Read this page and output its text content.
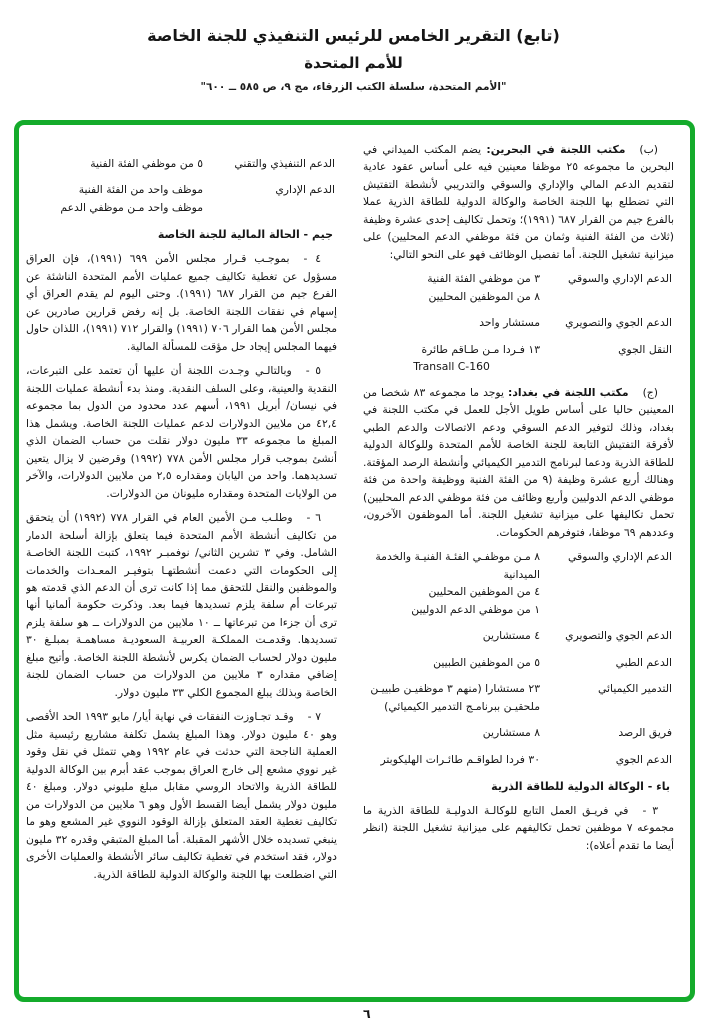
(تابع) التقرير الخامس للرئيس التنفيذي للجنة الخاصة
للأمم المتحدة
"الأمم المتحدة، سلسلة الكتب الزرقاء، مج ٩، ص ٥٨٥ ــ ٦٠٠"

(ب)مكتب اللجنة في البحرين: يضم المكتب الميداني في البحرين ما مجموعه ٢٥ موظفا معينين فيه على أساس عقود عادية لتقديم الدعم المالي والإداري والسوقي والتدريبي لأنشطة التفتيش التي تضطلع بها اللجنة الخاصة والوكالة الدولية للطاقة الذرية عملا بالفرع جيم من القرار ٦٨٧ (١٩٩١)؛ وتحمل تكاليف إحدى عشرة وظيفة (ثلاث من الفئة الفنية وثمان من فئة موظفي الدعم المحليين) على ميزانية تشغيل اللجنة. أما تفصيل الوظائف فهو على النحو التالي:

الدعم الإداري والسوقي
٣ من موظفي الفئة الفنية
٨ من الموظفين المحليين
الدعم الجوي والتصويري
مستشار واحد
النقل الجوي
١٣ فـردا مـن طـاقم طائرة
Transall C-160

(ج)مكتب اللجنة في بغداد: يوجد ما مجموعه ٨٣ شخصا من المعينين حاليا على أساس طويل الأجل للعمل في مكتب اللجنة في بغداد، وذلك لتوفير الدعم السوقي ودعم الاتصالات والدعم الطبي لأفرقة التفتيش التابعة للجنة الخاصة للأمم المتحدة وللوكالة الدولية للطاقة الذرية ودعما لبرنامج التدمير الكيميائي وأنشطة الرصد المؤقتة. وهنالك أربع عشرة وظيفة (٩ من الفئة الفنية ووظيفة واحدة من فئة موظفي الدعم الدوليين وأربع وظائف من فئة موظفي الدعم المحليين) تحمل تكاليفها على ميزانية تشغيل اللجنة. أما الموظفون الآخرون، وعددهم ٦٩ موظفا، فتوفرهم الحكومات.

الدعم الإداري والسوقي
٨ مـن موظفـي الفئـة الفنيـة والخدمة الميدانية
٤ من الموظفين المحليين
١ من موظفي الدعم الدوليين
الدعم الجوي والتصويري
٤ مستشارين
الدعم الطبي
٥ من الموظفين الطبيين
التدمير الكيميائي
٢٣ مستشارا (منهم ٣ موظفيـن طبييـن ملحقيـن ببرنامـج التدمير الكيميائي)
فريق الرصد
٨ مستشارين
الدعم الجوي
٣٠ فردا لطواقـم طائـرات الهليكوبتر
باء - الوكالة الدولية للطاقة الذرية

٣ -في فريـق العمل التابع للوكالـة الدوليـة للطاقة الذرية ما مجموعه ٧ موظفين تحمل تكاليفهم على ميزانية تشغيل اللجنة (انظر أيضا ما تقدم أعلاه):

الدعم التنفيذي والتقني
٥ من موظفي الفئة الفنية
الدعم الإداري
موظف واحد من الفئة الفنية
موظف واحد مـن موظفي الدعم
جيم - الحالة المالية للجنة الخاصة

٤ -بموجـب قـرار مجلس الأمن ٦٩٩ (١٩٩١)، فإن العراق مسؤول عن تغطية تكاليف جميع عمليات الأمم المتحدة الناشئة عن الفرع جيم من القرار ٦٨٧ (١٩٩١). وحتى اليوم لم يقدم العراق أي إسهام في نفقات اللجنة الخاصة. بل إنه رفض قرارين صادرين عن مجلس الأمن هما القرار ٧٠٦ (١٩٩١) والقرار ٧١٢ (١٩٩١)، اللذان حاول فيهما المجلس إيجاد حل مؤقت للمسألة المالية.

٥ -وبالتالـي وجـدت اللجنة أن عليها أن تعتمد على التبرعات، النقدية والعينية، وعلى السلف النقدية. ومنذ بدء أنشطة عمليات اللجنة في نيسان/ أبريل ١٩٩١، أسهم عدد محدود من الدول بما مجموعه ٤٢,٤ من ملايين الدولارات لدعم عمليات اللجنة الخاصة. ويشمل هذا المبلغ ما مجموعه ٣٣ مليون دولار نقلت من حساب الضمان الذي أنشئ بموجب قرار مجلس الأمن ٧٧٨ (١٩٩٢) وقرضين لا يزال يتعين تسديدهما. واحد من اليابان ومقداره ٢,٥ من ملايين الدولارات، والآخر من الولايات المتحدة ومقداره مليونان من الدولارات.

٦ -وطلـب مـن الأمين العام في القرار ٧٧٨ (١٩٩٢) أن يتحقق من تكاليف أنشطة الأمم المتحدة فيما يتعلق بإزالة أسلحة الدمار الشامل. وفي ٣ تشرين الثاني/ نوفمبـر ١٩٩٢، كتبت اللجنة الخاصـة إلى الحكومات التي دعمت أنشطتهـا بتوفيـر المعـدات والخدمات والموظفين والنقل للتحقق مما إذا كانت ترى أن الدعم الذي قدمته هو تبرعات أم سلفة يلزم تسديدها فيما بعد. وذكرت حكومة ألمانيا أنها ترى أن جزءا من تبرعاتها ــ ١٠ ملايين من الدولارات ــ هو سلفة يلزم تسديدها. وقدمـت المملكـة العربيـة السعوديـة مساهمـة بمبلـغ ٣٠ مليون دولار لحساب الضمان يكرس لأنشطة اللجنة الخاصة. وأتيح مبلغ إضافي مقداره ٣ ملايين من الدولارات من حساب الضمان للجنة الخاصة وبذلك يبلغ المجموع الكلي ٣٣ مليون دولار.

٧ -وقـد تجـاوزت النفقات في نهاية أيار/ مايو ١٩٩٣ الحد الأقصى وهو ٤٠ مليون دولار. وهذا المبلغ يشمل تكلفة مشاريع رئيسية مثل العملية الناجحة التي حدثت في عام ١٩٩٢ وهي تتمثل في نقل وقود غير نووي مشعع إلى خارج العراق بموجب عقد أبرم بين الوكالة الدولية للطاقة الذرية والاتحاد الروسي مقابل مبلغ مليوني دولار. ومبلغ ٤٠ مليون دولار يشمل أيضا القسط الأول وهو ٦ ملايين من الدولارات من تكاليف تغطية العقد المتعلق بإزالة الوقود النووي غير المشعع وهو ما ينبغي تسديده خلال الأشهر المقبلة. أما المبلغ المتبقي وقدره ٣٢ مليون دولار، فقد استخدم في تغطية تكاليف سائر الأنشطة والعمليات الأخرى التي اضطلعت بها اللجنة والوكالة الدولية للطاقة الذرية.

٦
